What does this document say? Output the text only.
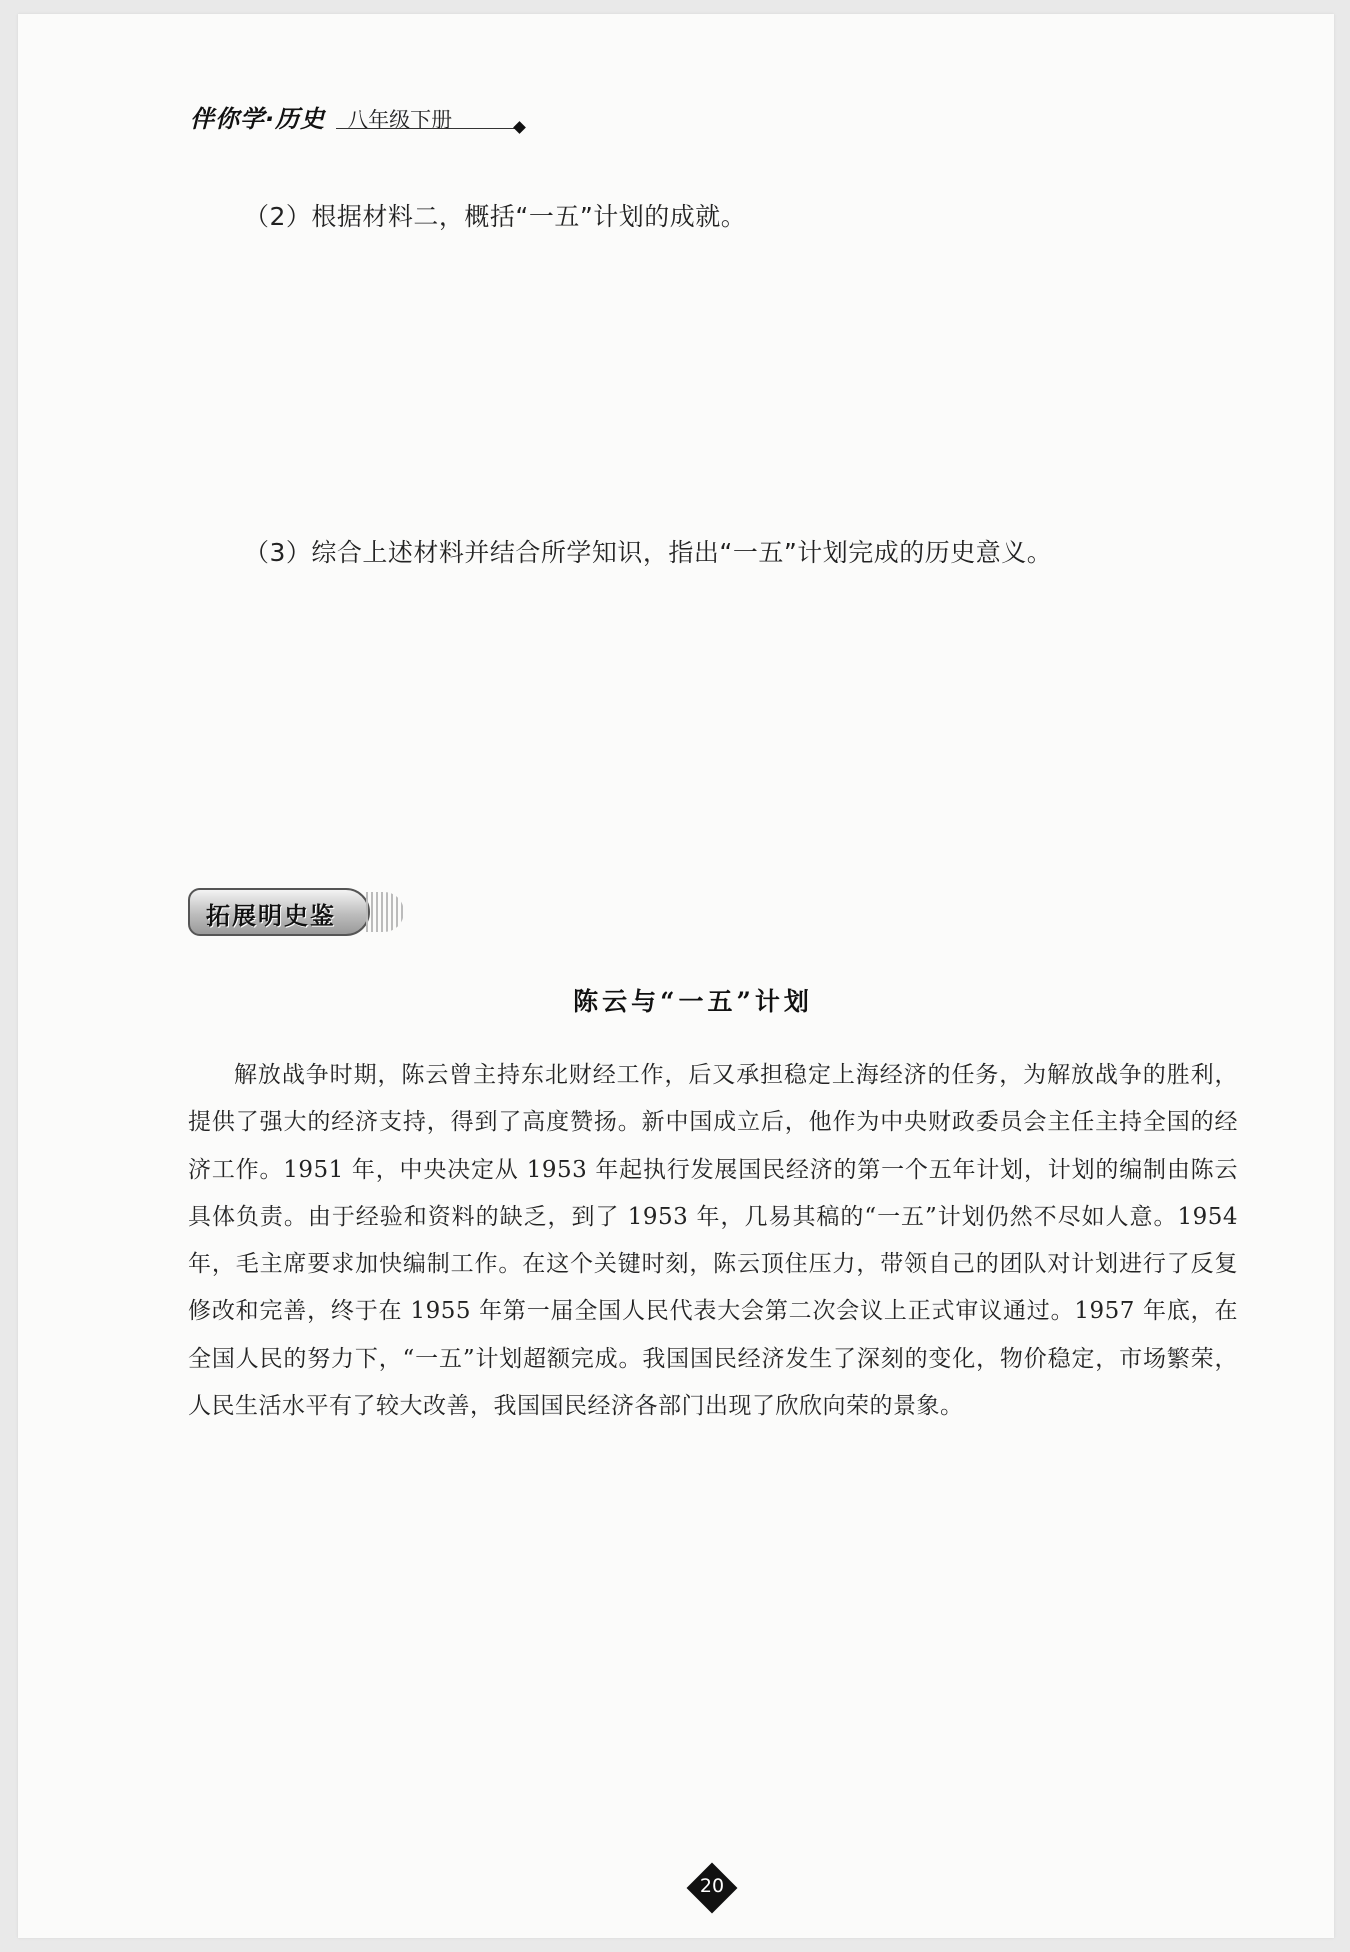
伴你学·历史 八年级下册
（2）根据材料二，概括“一五”计划的成就。
（3）综合上述材料并结合所学知识，指出“一五”计划完成的历史意义。
拓展明史鉴
陈云与“一五”计划
解放战争时期，陈云曾主持东北财经工作，后又承担稳定上海经济的任务，为解放战争的胜利，提供了强大的经济支持，得到了高度赞扬。新中国成立后，他作为中央财政委员会主任主持全国的经济工作。1951 年，中央决定从 1953 年起执行发展国民经济的第一个五年计划，计划的编制由陈云具体负责。由于经验和资料的缺乏，到了 1953 年，几易其稿的“一五”计划仍然不尽如人意。1954 年，毛主席要求加快编制工作。在这个关键时刻，陈云顶住压力，带领自己的团队对计划进行了反复修改和完善，终于在 1955 年第一届全国人民代表大会第二次会议上正式审议通过。1957 年底，在全国人民的努力下，“一五”计划超额完成。我国国民经济发生了深刻的变化，物价稳定，市场繁荣，人民生活水平有了较大改善，我国国民经济各部门出现了欣欣向荣的景象。
20
